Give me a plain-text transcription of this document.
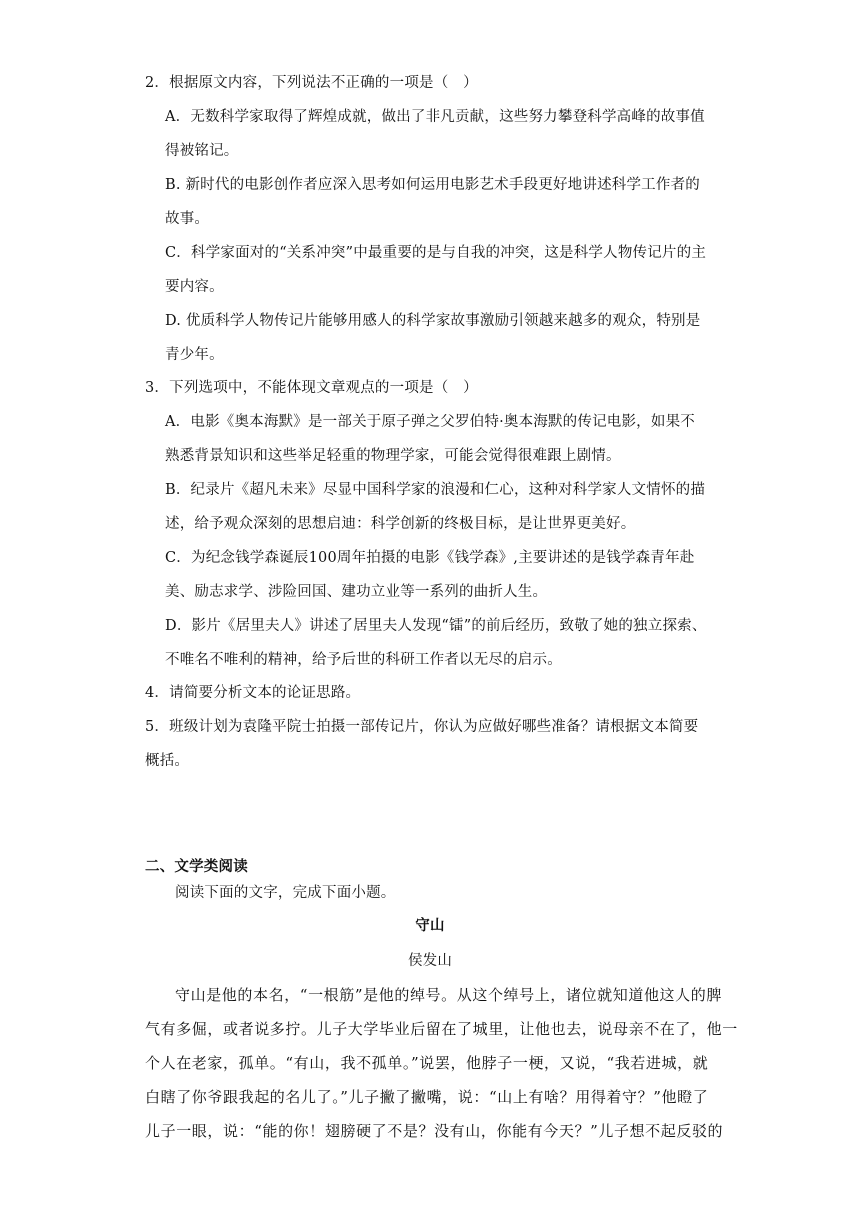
2．根据原文内容，下列说法不正确的一项是（　）
A．无数科学家取得了辉煌成就，做出了非凡贡献，这些努力攀登科学高峰的故事值
得被铭记。
B. 新时代的电影创作者应深入思考如何运用电影艺术手段更好地讲述科学工作者的
故事。
C．科学家面对的“关系冲突”中最重要的是与自我的冲突，这是科学人物传记片的主
要内容。
D. 优质科学人物传记片能够用感人的科学家故事激励引领越来越多的观众，特别是
青少年。
3．下列选项中，不能体现文章观点的一项是（　）
A．电影《奥本海默》是一部关于原子弹之父罗伯特·奥本海默的传记电影，如果不
熟悉背景知识和这些举足轻重的物理学家，可能会觉得很难跟上剧情。
B．纪录片《超凡未来》尽显中国科学家的浪漫和仁心，这种对科学家人文情怀的描
述，给予观众深刻的思想启迪：科学创新的终极目标，是让世界更美好。
C．为纪念钱学森诞辰100周年拍摄的电影《钱学森》,主要讲述的是钱学森青年赴
美、励志求学、涉险回国、建功立业等一系列的曲折人生。
D．影片《居里夫人》讲述了居里夫人发现“镭”的前后经历，致敬了她的独立探索、
不唯名不唯利的精神，给予后世的科研工作者以无尽的启示。
4．请简要分析文本的论证思路。
5．班级计划为袁隆平院士拍摄一部传记片，你认为应做好哪些准备？请根据文本简要
概括。
二、文学类阅读
阅读下面的文字，完成下面小题。
守山
侯发山
守山是他的本名，“一根筋”是他的绰号。从这个绰号上，诸位就知道他这人的脾
气有多倔，或者说多拧。儿子大学毕业后留在了城里，让他也去，说母亲不在了，他一
个人在老家，孤单。“有山，我不孤单。”说罢，他脖子一梗，又说，“我若进城，就
白瞎了你爷跟我起的名儿了。”儿子撇了撇嘴，说：“山上有啥？用得着守？”他瞪了
儿子一眼，说：“能的你！翅膀硬了不是？没有山，你能有今天？”儿子想不起反驳的
